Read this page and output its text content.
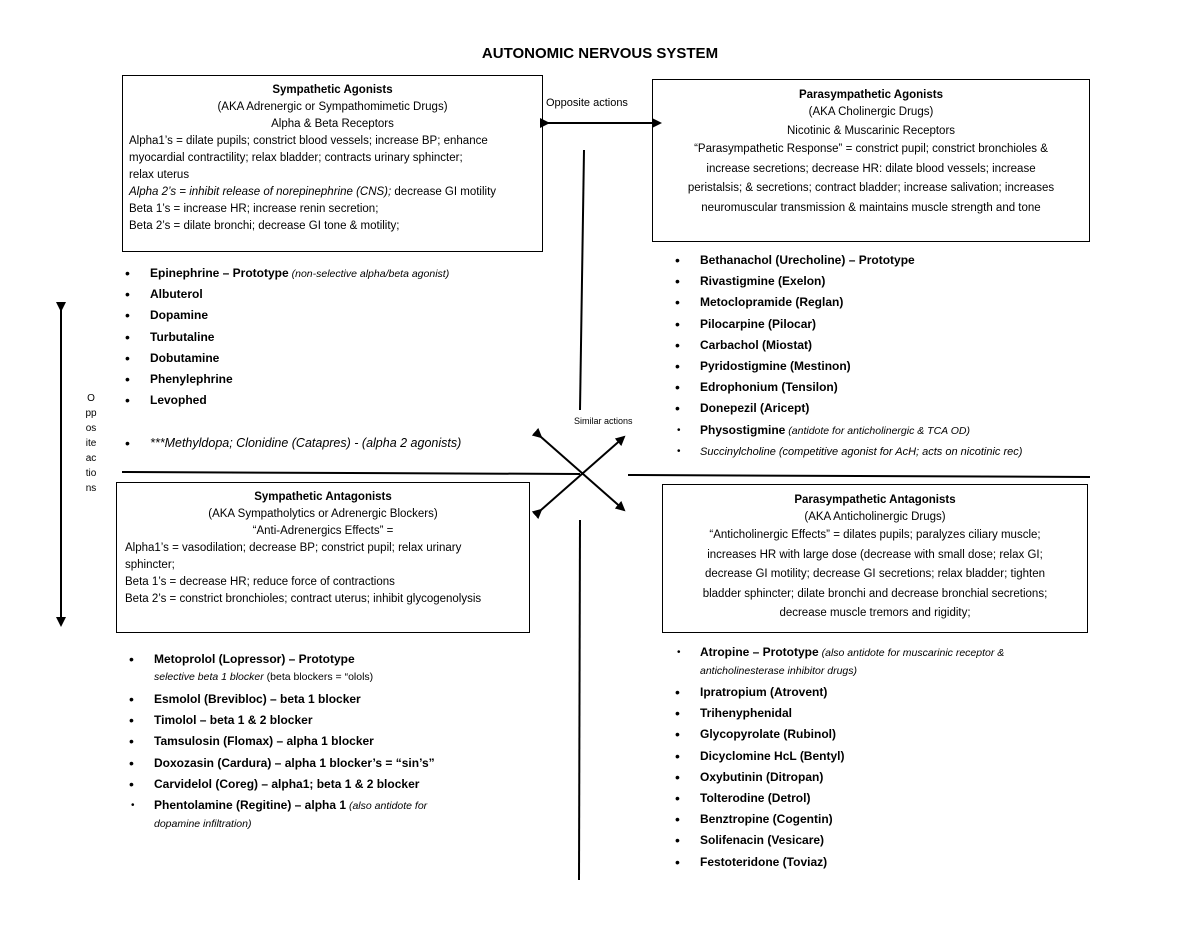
AUTONOMIC NERVOUS SYSTEM
Opposite actions
Similar actions
O
pp
os
ite
ac
tio
ns
Sympathetic Agonists
(AKA Adrenergic or Sympathomimetic Drugs)
Alpha & Beta Receptors
Alpha1’s = dilate pupils; constrict blood vessels; increase BP; enhance
myocardial contractility; relax bladder; contracts urinary sphincter;
relax uterus
Alpha 2’s = inhibit release of norepinephrine (CNS); decrease GI motility
Beta 1’s = increase HR; increase renin secretion;
Beta 2’s = dilate bronchi; decrease GI tone & motility;
Parasympathetic Agonists
(AKA Cholinergic Drugs)
Nicotinic & Muscarinic Receptors
“Parasympathetic Response” = constrict pupil; constrict bronchioles &
increase secretions; decrease HR: dilate blood vessels; increase
peristalsis; & secretions; contract bladder; increase salivation; increases
neuromuscular transmission & maintains muscle strength and tone
• Epinephrine – Prototype (non-selective alpha/beta agonist)
• Albuterol
• Dopamine
• Turbutaline
• Dobutamine
• Phenylephrine
• Levophed
• ***Methyldopa; Clonidine (Catapres) - (alpha 2 agonists)
• Bethanachol (Urecholine) – Prototype
• Rivastigmine (Exelon)
• Metoclopramide (Reglan)
• Pilocarpine (Pilocar)
• Carbachol (Miostat)
• Pyridostigmine (Mestinon)
• Edrophonium (Tensilon)
• Donepezil (Aricept)
• Physostigmine (antidote for anticholinergic & TCA OD)
• Succinylcholine (competitive agonist for AcH; acts on nicotinic rec)
Sympathetic Antagonists
(AKA Sympatholytics or Adrenergic Blockers)
“Anti-Adrenergics Effects” =
Alpha1’s = vasodilation; decrease BP; constrict pupil; relax urinary
sphincter;
Beta 1’s = decrease HR; reduce force of contractions
Beta 2’s = constrict bronchioles; contract uterus; inhibit glycogenolysis
Parasympathetic Antagonists
(AKA Anticholinergic Drugs)
“Anticholinergic Effects” = dilates pupils; paralyzes ciliary muscle;
increases HR with large dose (decrease with small dose; relax GI;
decrease GI motility; decrease GI secretions; relax bladder; tighten
bladder sphincter; dilate bronchi and decrease bronchial secretions;
decrease muscle tremors and rigidity;
• Metoprolol (Lopressor) – Prototype
selective beta 1 blocker (beta blockers = “olols)
• Esmolol (Brevibloc) – beta 1 blocker
• Timolol – beta 1 & 2 blocker
• Tamsulosin (Flomax) – alpha 1 blocker
• Doxozasin (Cardura) – alpha 1 blocker’s = “sin’s”
• Carvidelol (Coreg) – alpha1; beta 1 & 2 blocker
• Phentolamine (Regitine) – alpha 1 (also antidote for
dopamine infiltration)
• Atropine – Prototype (also antidote for muscarinic receptor &
anticholinesterase inhibitor drugs)
• Ipratropium (Atrovent)
• Trihenyphenidal
• Glycopyrolate (Rubinol)
• Dicyclomine HcL (Bentyl)
• Oxybutinin (Ditropan)
• Tolterodine (Detrol)
• Benztropine (Cogentin)
• Solifenacin (Vesicare)
• Festoteridone (Toviaz)
